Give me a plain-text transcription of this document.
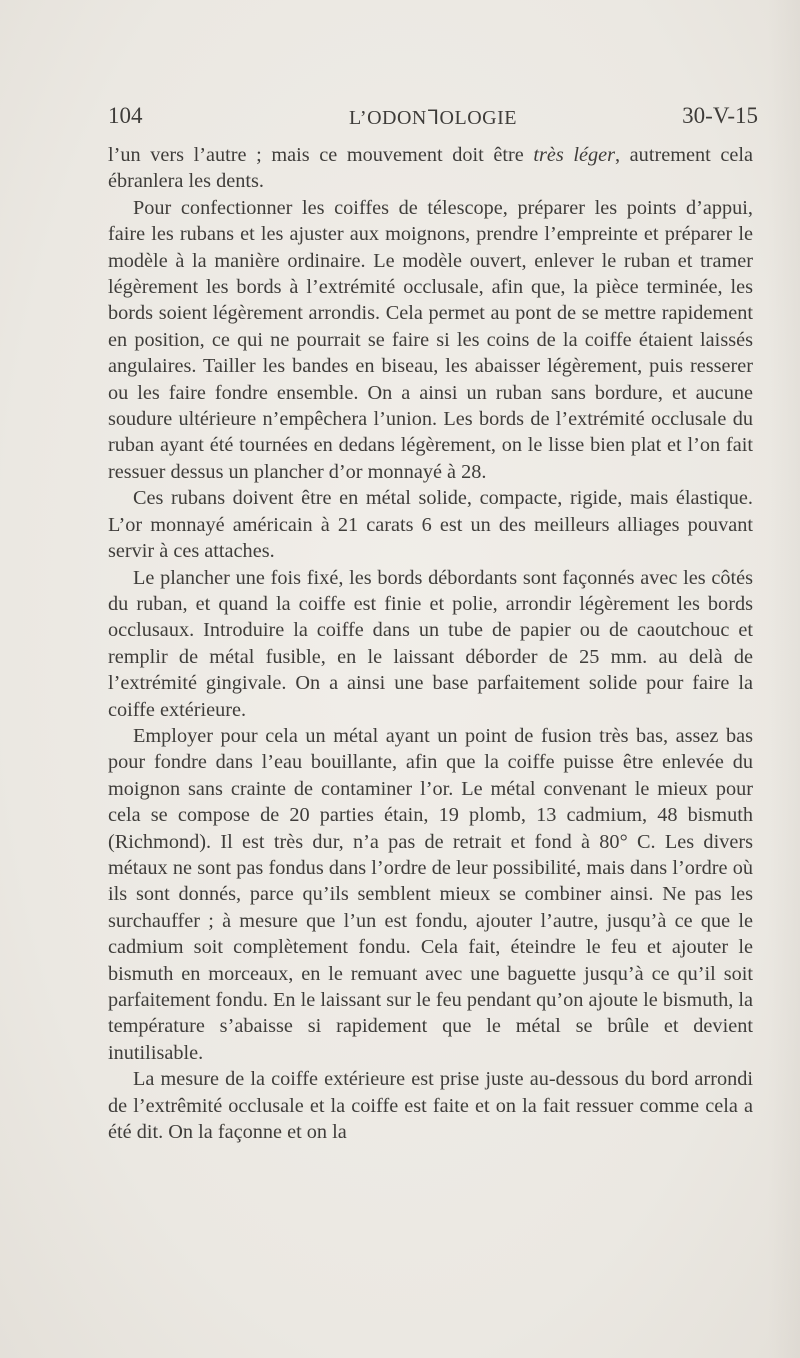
104	L’ODONᒣOLOGIE	30-V-15

l’un vers l’autre ; mais ce mouvement doit être très léger, autrement cela ébranlera les dents.

Pour confectionner les coiffes de télescope, préparer les points d’appui, faire les rubans et les ajuster aux moignons, prendre l’empreinte et préparer le modèle à la manière ordinaire. Le modèle ouvert, enlever le ruban et tramer légèrement les bords à l’extrémité occlusale, afin que, la pièce terminée, les bords soient légèrement arrondis. Cela permet au pont de se mettre rapidement en position, ce qui ne pourrait se faire si les coins de la coiffe étaient laissés angulaires. Tailler les bandes en biseau, les abaisser légèrement, puis resserer ou les faire fondre ensemble. On a ainsi un ruban sans bordure, et aucune soudure ultérieure n’empêchera l’union. Les bords de l’extrémité occlusale du ruban ayant été tournées en dedans légèrement, on le lisse bien plat et l’on fait ressuer dessus un plancher d’or monnayé à 28.

Ces rubans doivent être en métal solide, compacte, rigide, mais élastique. L’or monnayé américain à 21 carats 6 est un des meilleurs alliages pouvant servir à ces attaches.

Le plancher une fois fixé, les bords débordants sont façonnés avec les côtés du ruban, et quand la coiffe est finie et polie, arrondir légèrement les bords occlusaux. Introduire la coiffe dans un tube de papier ou de caoutchouc et remplir de métal fusible, en le laissant déborder de 25 mm. au delà de l’extrémité gingivale. On a ainsi une base parfaitement solide pour faire la coiffe extérieure.

Employer pour cela un métal ayant un point de fusion très bas, assez bas pour fondre dans l’eau bouillante, afin que la coiffe puisse être enlevée du moignon sans crainte de contaminer l’or. Le métal convenant le mieux pour cela se compose de 20 parties étain, 19 plomb, 13 cadmium, 48 bismuth (Richmond). Il est très dur, n’a pas de retrait et fond à 80° C. Les divers métaux ne sont pas fondus dans l’ordre de leur possibilité, mais dans l’ordre où ils sont donnés, parce qu’ils semblent mieux se combiner ainsi. Ne pas les surchauffer ; à mesure que l’un est fondu, ajouter l’autre, jusqu’à ce que le cadmium soit complètement fondu. Cela fait, éteindre le feu et ajouter le bismuth en morceaux, en le remuant avec une baguette jusqu’à ce qu’il soit parfaitement fondu. En le laissant sur le feu pendant qu’on ajoute le bismuth, la température s’abaisse si rapidement que le métal se brûle et devient inutilisable.

La mesure de la coiffe extérieure est prise juste au-dessous du bord arrondi de l’extrêmité occlusale et la coiffe est faite et on la fait ressuer comme cela a été dit. On la façonne et on la
